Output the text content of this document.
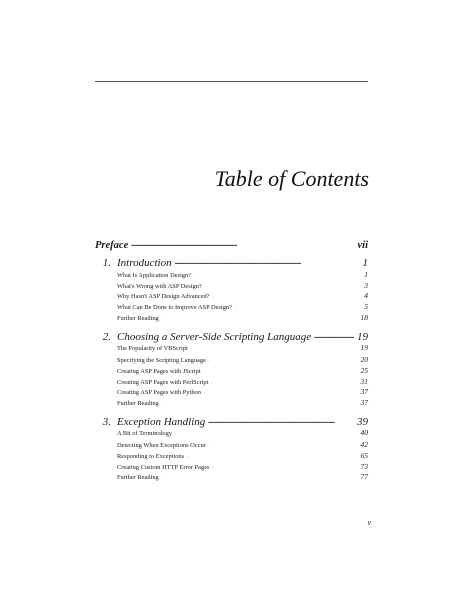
Table of Contents
Preface . . .	vii
1. Introduction . . .	1
What Is Application Design? . . .	1
What's Wrong with ASP Design? . . .	3
Why Hasn't ASP Design Advanced? . . .	4
What Can Be Done to Improve ASP Design? . . .	5
Further Reading . . .	18
2. Choosing a Server-Side Scripting Language . . .	19
The Popularity of VBScript . . .	19
Specifying the Scripting Language . . .	20
Creating ASP Pages with JScript . . .	25
Creating ASP Pages with PerlScript . . .	31
Creating ASP Pages with Python . . .	37
Further Reading . . .	37
3. Exception Handling . . .	39
A Bit of Terminology . . .	40
Detecting When Exceptions Occur . . .	42
Responding to Exceptions . . .	65
Creating Custom HTTP Error Pages . . .	73
Further Reading . . .	77
v
